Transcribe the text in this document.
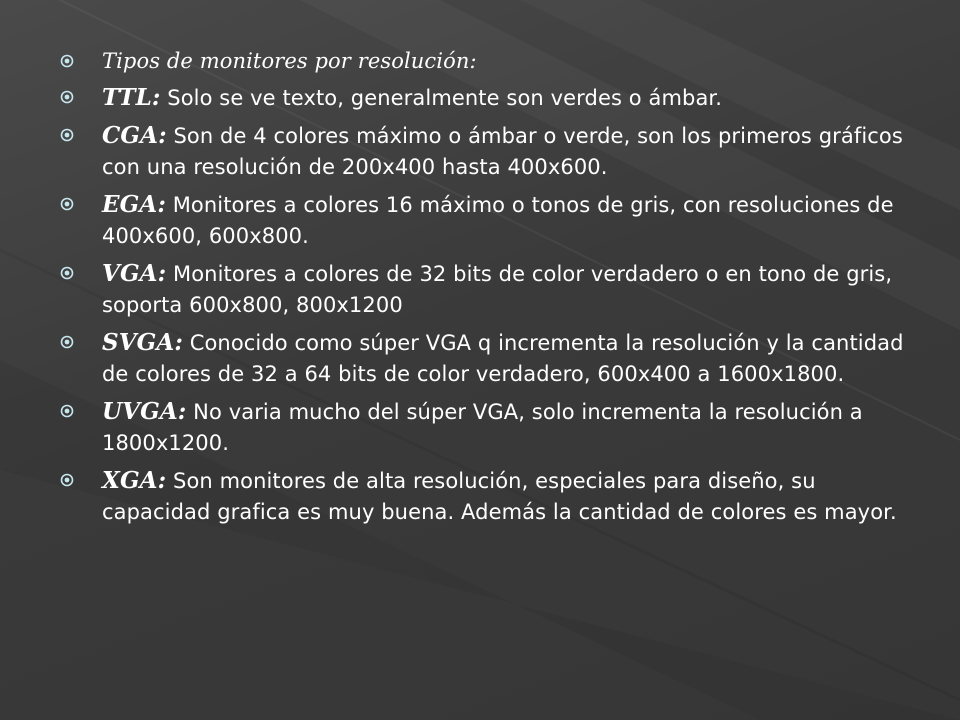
Tipos de monitores por resolución:
TTL: Solo se ve texto, generalmente son verdes o ámbar.
CGA: Son de 4 colores máximo o ámbar o verde, son los primeros gráficos con una resolución de 200x400 hasta 400x600.
EGA: Monitores a colores 16 máximo o tonos de gris, con resoluciones de 400x600, 600x800.
VGA: Monitores a colores de 32 bits de color verdadero o en tono de gris, soporta 600x800, 800x1200
SVGA: Conocido como súper VGA q incrementa la resolución y la cantidad de colores de 32 a 64 bits de color verdadero, 600x400 a 1600x1800.
UVGA: No varia mucho del súper VGA, solo incrementa la resolución a 1800x1200.
XGA: Son monitores de alta resolución, especiales para diseño, su capacidad grafica es muy buena. Además la cantidad de colores es mayor.
